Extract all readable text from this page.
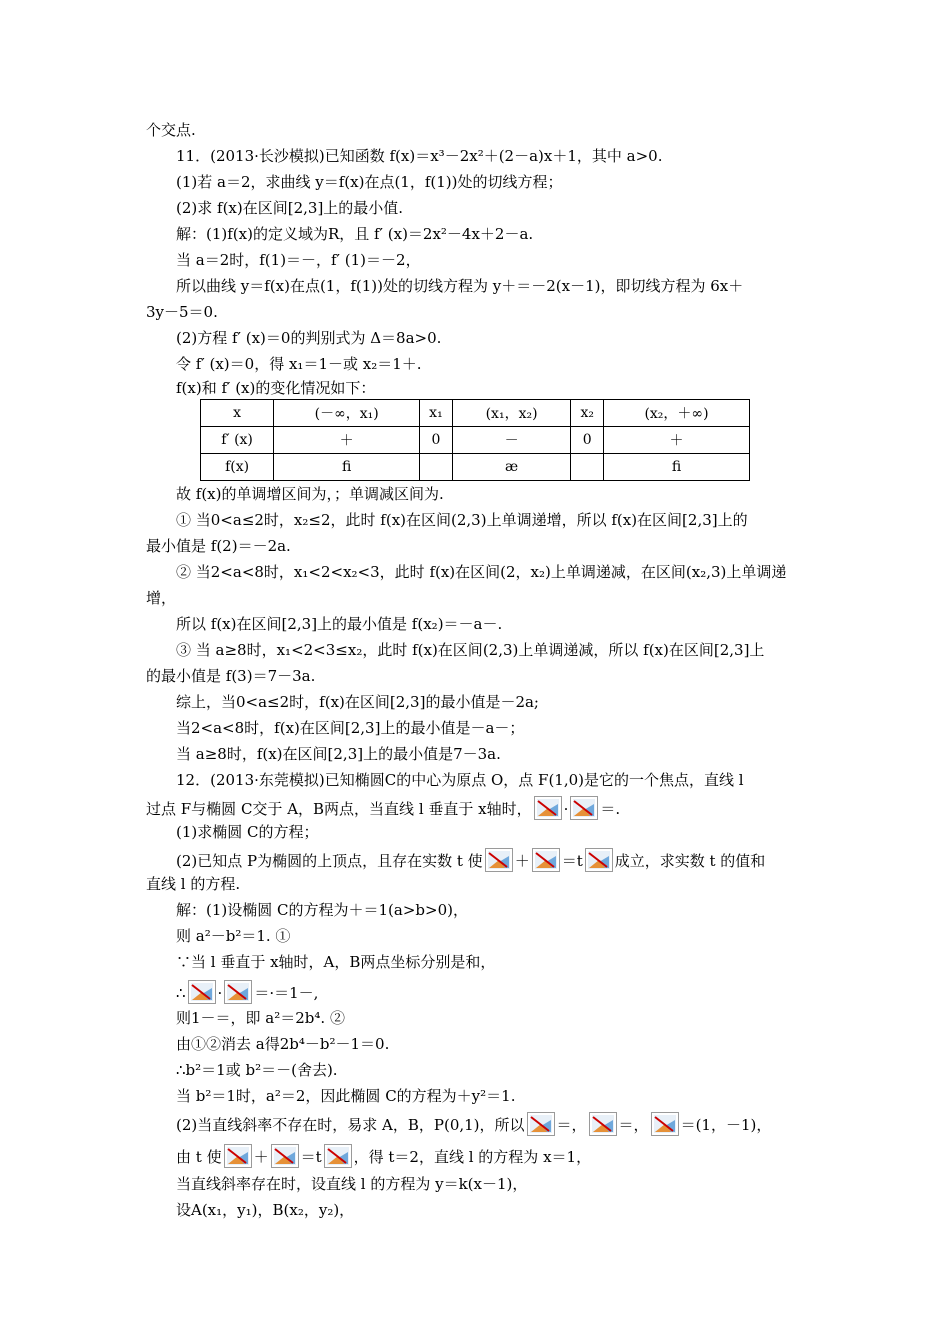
个交点.
11．(2013·长沙模拟)已知函数 f(x)＝x³－2x²＋(2－a)x＋1，其中 a>0.
(1)若 a＝2，求曲线 y＝f(x)在点(1，f(1))处的切线方程；
(2)求 f(x)在区间[2,3]上的最小值.
解：(1)f(x)的定义域为R，且 f′ (x)＝2x²－4x＋2－a.
当 a＝2时，f(1)＝－，f′ (1)＝－2，
所以曲线 y＝f(x)在点(1，f(1))处的切线方程为 y＋＝－2(x－1)，即切线方程为 6x＋
3y－5＝0.
(2)方程 f′ (x)＝0的判别式为 Δ＝8a>0.
令 f′ (x)＝0，得 x₁＝1－或 x₂＝1＋.
f(x)和 f′ (x)的变化情况如下：
x	(－∞，x₁)	x₁	(x₁，x₂)	x₂	(x₂，＋∞)
f′ (x)	＋	0	－	0	＋
f(x)	ﬁ		æ		ﬁ
故 f(x)的单调增区间为，；单调减区间为.
① 当0<a≤2时，x₂≤2，此时 f(x)在区间(2,3)上单调递增，所以 f(x)在区间[2,3]上的
最小值是 f(2)＝－2a.
② 当2<a<8时，x₁<2<x₂<3，此时 f(x)在区间(2，x₂)上单调递减，在区间(x₂,3)上单调递
增，
所以 f(x)在区间[2,3]上的最小值是 f(x₂)＝－a－.
③ 当 a≥8时，x₁<2<3≤x₂，此时 f(x)在区间(2,3)上单调递减，所以 f(x)在区间[2,3]上
的最小值是 f(3)＝7－3a.
综上，当0<a≤2时，f(x)在区间[2,3]的最小值是－2a;
当2<a<8时，f(x)在区间[2,3]上的最小值是－a－；
当 a≥8时，f(x)在区间[2,3]上的最小值是7－3a.
12．(2013·东莞模拟)已知椭圆C的中心为原点 O，点 F(1,0)是它的一个焦点，直线 l
过点 F与椭圆 C交于 A，B两点，当直线 l 垂直于 x轴时， · ＝.
(1)求椭圆 C的方程；
(2)已知点 P为椭圆的上顶点，且存在实数 t 使 ＋ ＝t 成立，求实数 t 的值和
直线 l 的方程.
解：(1)设椭圆 C的方程为＋＝1(a>b>0)，
则 a²－b²＝1. ①
∵当 l 垂直于 x轴时，A，B两点坐标分别是和，
∴ · ＝·＝1－,
则1－＝，即 a²＝2b⁴. ②
由①②消去 a得2b⁴－b²－1＝0.
∴b²＝1或 b²＝－(舍去).
当 b²＝1时，a²＝2，因此椭圆 C的方程为＋y²＝1.
(2)当直线斜率不存在时，易求 A，B，P(0,1)，所以 ＝， ＝， ＝(1，－1)，
由 t 使 ＋ ＝t ，得 t＝2，直线 l 的方程为 x＝1，
当直线斜率存在时，设直线 l 的方程为 y＝k(x－1)，
设A(x₁，y₁)，B(x₂，y₂)，
